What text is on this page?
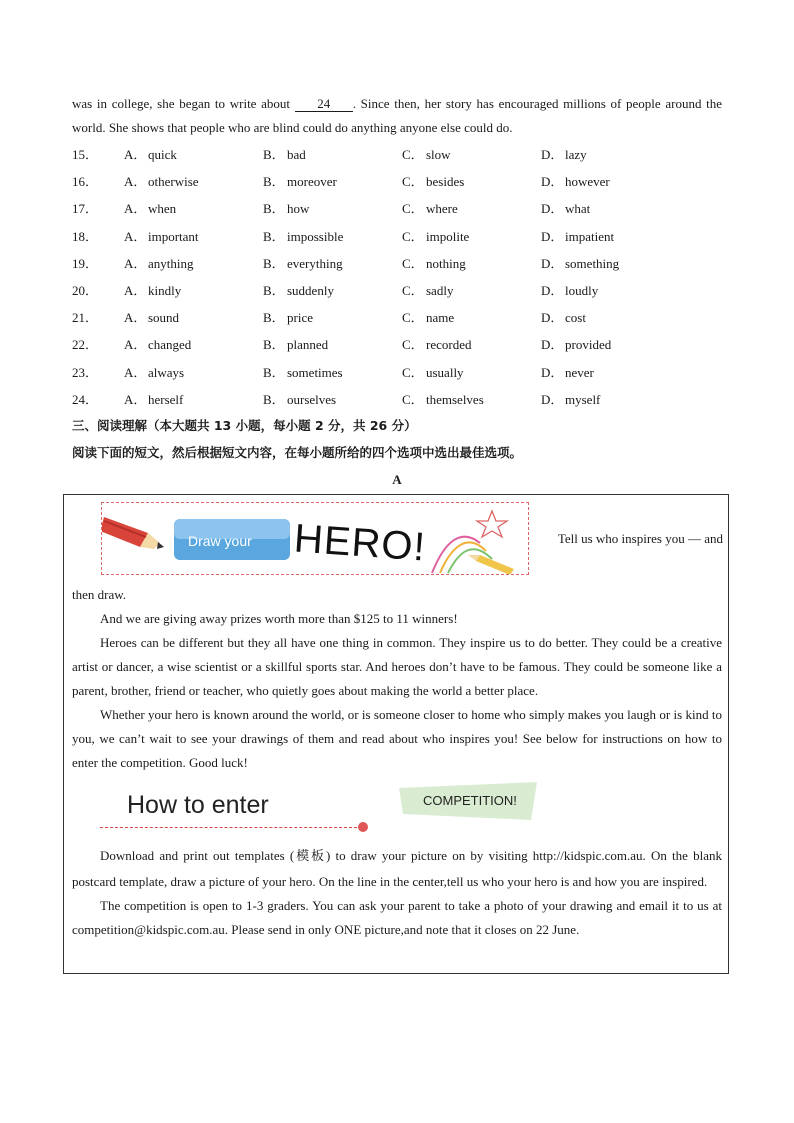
was in college, she began to write about 24 . Since then, her story has encouraged millions of people around the world. She shows that people who are blind could do anything anyone else could do.

15．	A． quick	B． bad	C． slow	D． lazy
16．	A． otherwise	B． moreover	C． besides	D． however
17．	A． when	B． how	C． where	D． what
18．	A． important	B． impossible	C． impolite	D． impatient
19．	A． anything	B． everything	C． nothing	D． something
20．	A． kindly	B． suddenly	C． sadly	D． loudly
21．	A． sound	B． price	C． name	D． cost
22．	A． changed	B． planned	C． recorded	D． provided
23．	A． always	B． sometimes	C． usually	D． never
24．	A． herself	B． ourselves	C． themselves	D． myself

三、阅读理解（本大题共 13 小题，每小题 2 分，共 26 分）

阅读下面的短文，然后根据短文内容，在每小题所给的四个选项中选出最佳选项。

A
Draw your HERO!	Tell us who inspires you — and

then draw.

And we are giving away prizes worth more than $125 to 11 winners!

Heroes can be different but they all have one thing in common. They inspire us to do better. They could be a creative artist or dancer, a wise scientist or a skillful sports star. And heroes don’t have to be famous. They could be someone like a parent, brother, friend or teacher, who quietly goes about making the world a better place.

Whether your hero is known around the world, or is someone closer to home who simply makes you laugh or is kind to you, we can’t wait to see your drawings of them and read about who inspires you! See below for instructions on how to enter the competition. Good luck!

How to enter	COMPETITION!

Download and print out templates (模板) to draw your picture on by visiting http://kidspic.com.au. On the blank postcard template, draw a picture of your hero. On the line in the center,tell us who your hero is and how you are inspired.

The competition is open to 1-3 graders. You can ask your parent to take a photo of your drawing and email it to us at competition@kidspic.com.au. Please send in only ONE picture,and note that it closes on 22 June.
